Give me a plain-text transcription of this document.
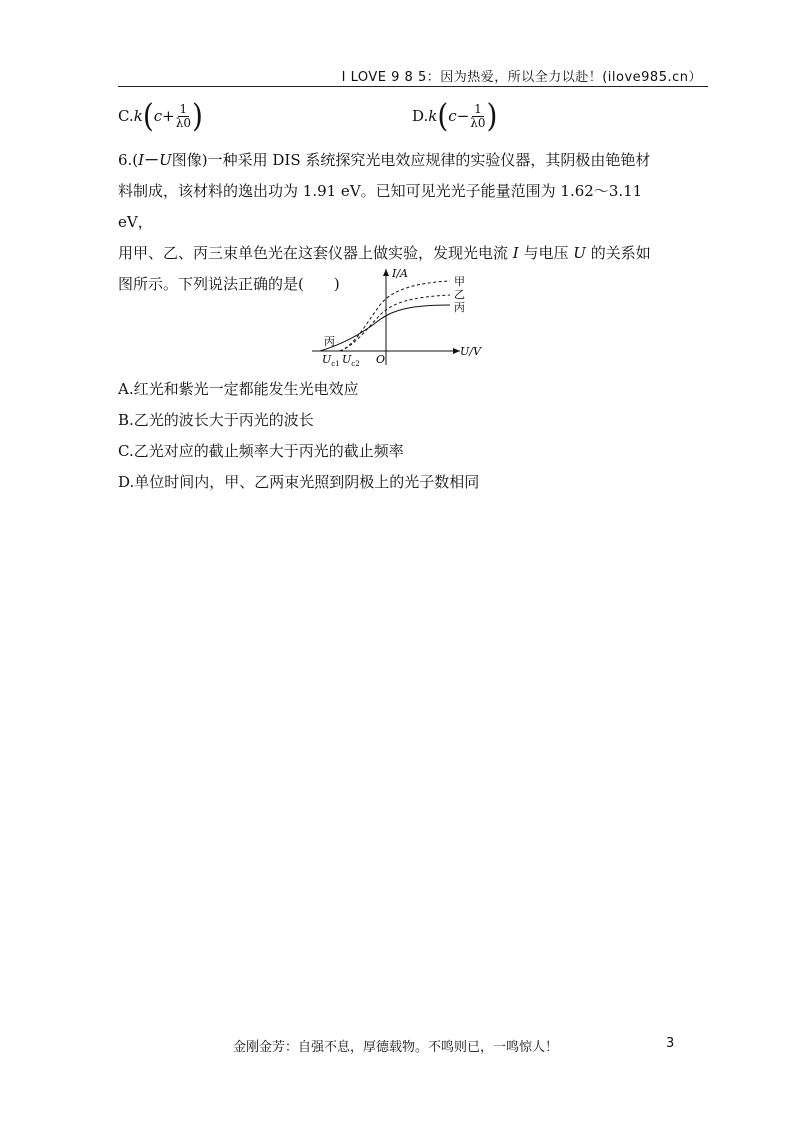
I LOVE 9 8 5：因为热爱，所以全力以赴！(ilove985.cn）
C. k ( $c + \frac{1}{\lambda 0}$ )	D. k ( $c - \frac{1}{\lambda 0}$ )
6.(I－U图像)一种采用 DIS 系统探究光电效应规律的实验仪器，其阴极由铯铯材
料制成，该材料的逸出功为 1.91 eV。已知可见光光子能量范围为 1.62～3.11 eV，
用甲、乙、丙三束单色光在这套仪器上做实验，发现光电流 I 与电压 U 的关系如
图所示。下列说法正确的是(　　)
I/A
U/V
O
甲
乙
丙
丙
$U_{c1}$ $U_{c2}$
A.红光和紫光一定都能发生光电效应
B.乙光的波长大于丙光的波长
C.乙光对应的截止频率大于丙光的截止频率
D.单位时间内，甲、乙两束光照到阴极上的光子数相同
金刚金芳：自强不息，厚德载物。不鸣则已，一鸣惊人！	3
